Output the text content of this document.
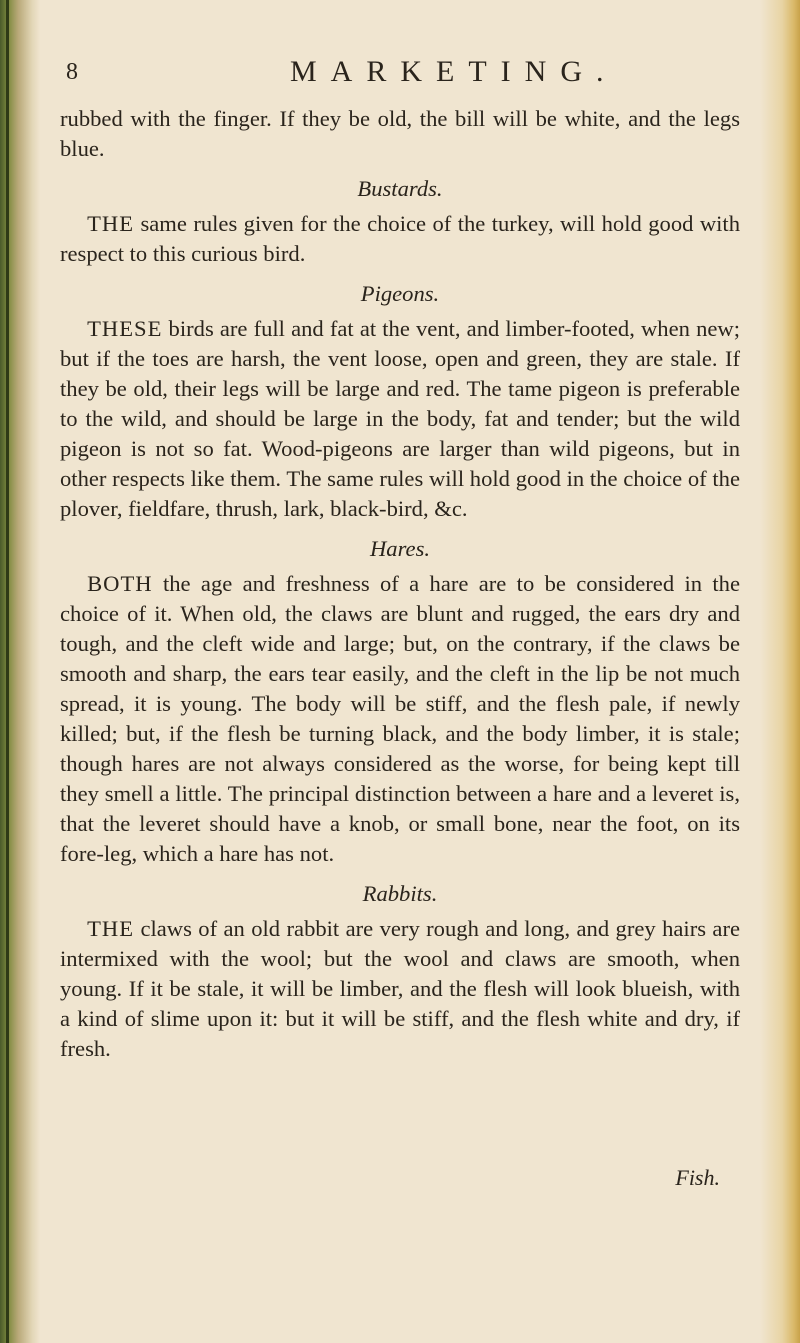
8	MARKETING.

rubbed with the finger. If they be old, the bill will be white, and the legs blue.

Bustards.

THE same rules given for the choice of the turkey, will hold good with respect to this curious bird.

Pigeons.

THESE birds are full and fat at the vent, and limber-footed, when new; but if the toes are harsh, the vent loose, open and green, they are stale. If they be old, their legs will be large and red. The tame pigeon is preferable to the wild, and should be large in the body, fat and tender; but the wild pigeon is not so fat. Wood-pigeons are larger than wild pigeons, but in other respects like them. The same rules will hold good in the choice of the plover, fieldfare, thrush, lark, black-bird, &c.

Hares.

BOTH the age and freshness of a hare are to be considered in the choice of it. When old, the claws are blunt and rugged, the ears dry and tough, and the cleft wide and large; but, on the contrary, if the claws be smooth and sharp, the ears tear easily, and the cleft in the lip be not much spread, it is young. The body will be stiff, and the flesh pale, if newly killed; but, if the flesh be turning black, and the body limber, it is stale; though hares are not always considered as the worse, for being kept till they smell a little. The principal distinction between a hare and a leveret is, that the leveret should have a knob, or small bone, near the foot, on its fore-leg, which a hare has not.

Rabbits.

THE claws of an old rabbit are very rough and long, and grey hairs are intermixed with the wool; but the wool and claws are smooth, when young. If it be stale, it will be limber, and the flesh will look blueish, with a kind of slime upon it: but it will be stiff, and the flesh white and dry, if fresh.

Fish.
